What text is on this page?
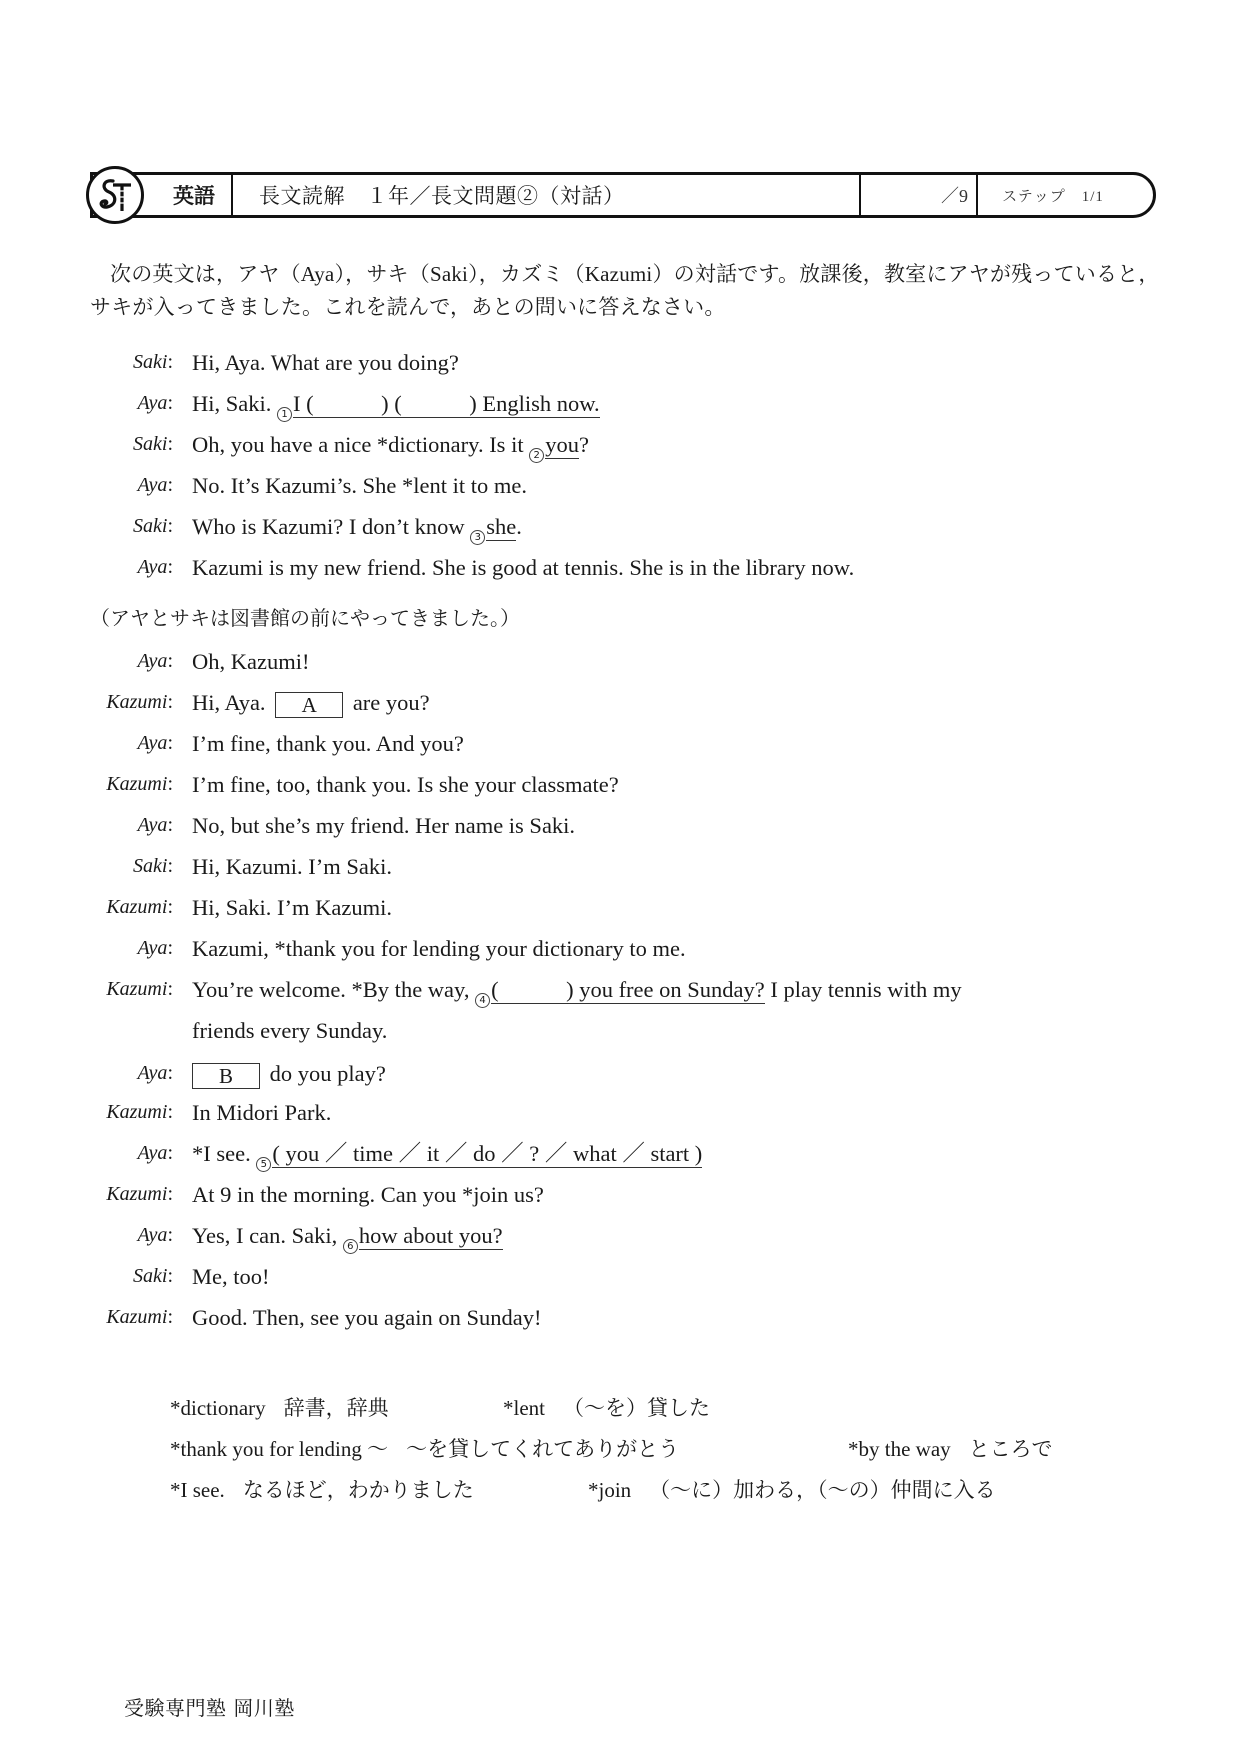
英語	長文読解　１年／長文問題②（対話）	／9	ステップ　1/1
次の英文は，アヤ（Aya），サキ（Saki），カズミ（Kazumi）の対話です。放課後，教室にアヤが残っていると，サキが入ってきました。これを読んで，あとの問いに答えなさい。
Saki: Hi, Aya. What are you doing?
Aya: Hi, Saki. 1 I (　　　) (　　　) English now.
Saki: Oh, you have a nice *dictionary. Is it 2 you?
Aya: No. It’s Kazumi’s. She *lent it to me.
Saki: Who is Kazumi? I don’t know 3 she.
Aya: Kazumi is my new friend. She is good at tennis. She is in the library now.
（アヤとサキは図書館の前にやってきました。）
Aya: Oh, Kazumi!
Kazumi: Hi, Aya. A are you?
Aya: I’m fine, thank you. And you?
Kazumi: I’m fine, too, thank you. Is she your classmate?
Aya: No, but she’s my friend. Her name is Saki.
Saki: Hi, Kazumi. I’m Saki.
Kazumi: Hi, Saki. I’m Kazumi.
Aya: Kazumi, *thank you for lending your dictionary to me.
Kazumi: You’re welcome. *By the way, 4 (　　　) you free on Sunday? I play tennis with my
friends every Sunday.
Aya:	B do you play?
Kazumi: In Midori Park.
Aya: *I see. 5 ( you ／ time ／ it ／ do ／ ? ／ what ／ start )
Kazumi: At 9 in the morning. Can you *join us?
Aya: Yes, I can. Saki, 6 how about you?
Saki: Me, too!
Kazumi: Good. Then, see you again on Sunday!
*dictionary 辞書，辞典	*lent （～を）貸した
*thank you for lending ～ ～を貸してくれてありがとう	*by the way ところで
*I see. なるほど，わかりました	*join （～に）加わる，（～の）仲間に入る
受験専門塾 岡川塾
